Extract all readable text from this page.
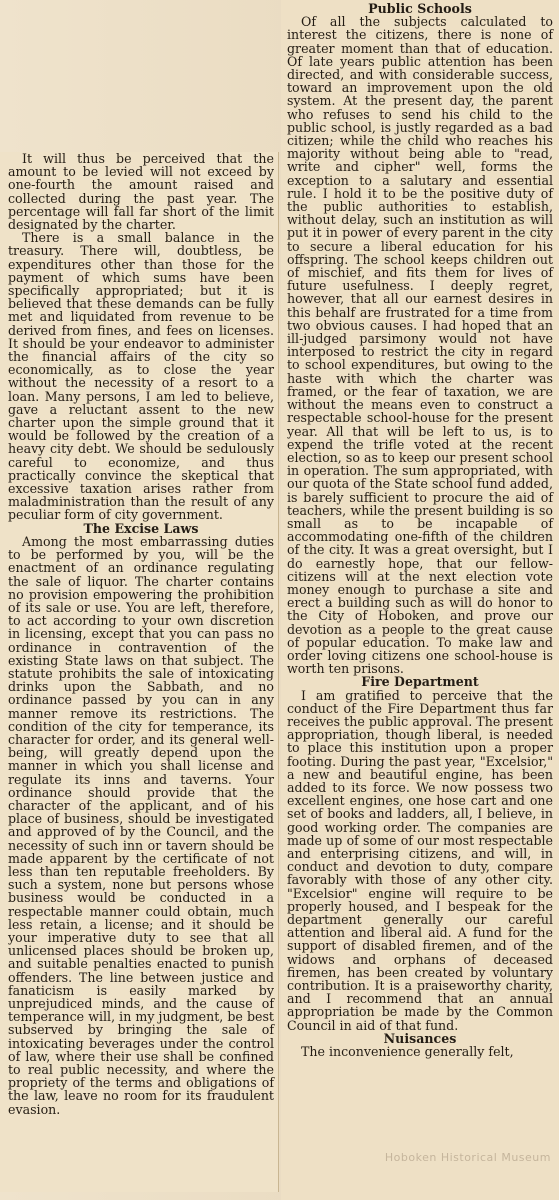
It will thus be perceived that the amount to be levied will not exceed by one-fourth the amount raised and collected during the past year. The percentage will fall far short of the limit designated by the charter.

There is a small balance in the treasury. There will, doubtless, be expenditures other than those for the payment of which sums have been specifically appropriated; but it is believed that these demands can be fully met and liquidated from revenue to be derived from fines, and fees on licenses. It should be your endeavor to administer the financial affairs of the city so economically, as to close the year without the necessity of a resort to a loan. Many persons, I am led to believe, gave a reluctant assent to the new charter upon the simple ground that it would be followed by the creation of a heavy city debt. We should be sedulously careful to economize, and thus practically convince the skeptical that excessive taxation arises rather from maladministration than the result of any peculiar form of city government.

The Excise Laws

Among the most embarrassing duties to be performed by you, will be the enactment of an ordinance regulating the sale of liquor. The charter contains no provision empowering the prohibition of its sale or use. You are left, therefore, to act according to your own discretion in licensing, except that you can pass no ordinance in contravention of the existing State laws on that subject. The statute prohibits the sale of intoxicating drinks upon the Sabbath, and no ordinance passed by you can in any manner remove its restrictions. The condition of the city for temperance, its character for order, and its general well-being, will greatly depend upon the manner in which you shall license and regulate its inns and taverns. Your ordinance should provide that the character of the applicant, and of his place of business, should be investigated and approved of by the Council, and the necessity of such inn or tavern should be made apparent by the certificate of not less than ten reputable freeholders. By such a system, none but persons whose business would be conducted in a respectable manner could obtain, much less retain, a license; and it should be your imperative duty to see that all unlicensed places should be broken up, and suitable penalties enacted to punish offenders. The line between justice and fanaticism is easily marked by unprejudiced minds, and the cause of temperance will, in my judgment, be best subserved by bringing the sale of intoxicating beverages under the control of law, where their use shall be confined to real public necessity, and where the propriety of the terms and obligations of the law, leave no room for its fraudulent evasion.

Public Schools

Of all the subjects calculated to interest the citizens, there is none of greater moment than that of education. Of late years public attention has been directed, and with considerable success, toward an improvement upon the old system. At the present day, the parent who refuses to send his child to the public school, is justly regarded as a bad citizen; while the child who reaches his majority without being able to "read, write and cipher" well, forms the exception to a salutary and essential rule. I hold it to be the positive duty of the public authorities to establish, without delay, such an institution as will put it in power of every parent in the city to secure a liberal education for his offspring. The school keeps children out of mischief, and fits them for lives of future usefulness. I deeply regret, however, that all our earnest desires in this behalf are frustrated for a time from two obvious causes. I had hoped that an ill-judged parsimony would not have interposed to restrict the city in regard to school expenditures, but owing to the haste with which the charter was framed, or the fear of taxation, we are without the means even to construct a respectable school-house for the present year. All that will be left to us, is to expend the trifle voted at the recent election, so as to keep our present school in operation. The sum appropriated, with our quota of the State school fund added, is barely sufficient to procure the aid of teachers, while the present building is so small as to be incapable of accommodating one-fifth of the children of the city. It was a great oversight, but I do earnestly hope, that our fellow-citizens will at the next election vote money enough to purchase a site and erect a building such as will do honor to the City of Hoboken, and prove our devotion as a people to the great cause of popular education. To make law and order loving citizens one school-house is worth ten prisons.

Fire Department

I am gratified to perceive that the conduct of the Fire Department thus far receives the public approval. The present appropriation, though liberal, is needed to place this institution upon a proper footing. During the past year, "Excelsior," a new and beautiful engine, has been added to its force. We now possess two excellent engines, one hose cart and one set of books and ladders, all, I believe, in good working order. The companies are made up of some of our most respectable and enterprising citizens, and will, in conduct and devotion to duty, compare favorably with those of any other city. "Excelsior" engine will require to be properly housed, and I bespeak for the department generally our careful attention and liberal aid. A fund for the support of disabled firemen, and of the widows and orphans of deceased firemen, has been created by voluntary contribution. It is a praiseworthy charity, and I recommend that an annual appropriation be made by the Common Council in aid of that fund.

Nuisances

The inconvenience generally felt,

Hoboken Historical Museum
